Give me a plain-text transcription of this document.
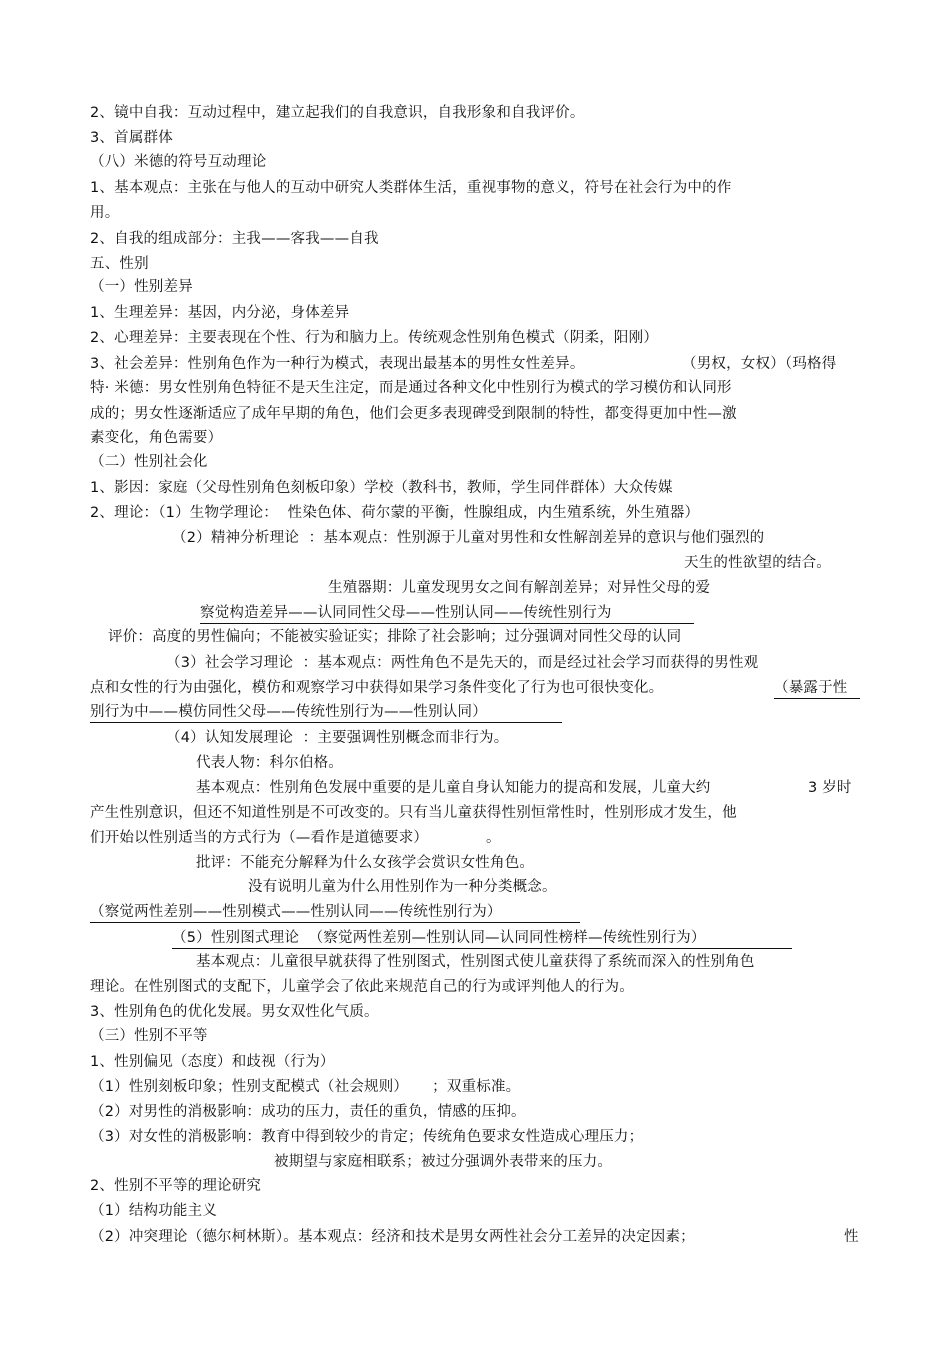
2、镜中自我：互动过程中，建立起我们的自我意识，自我形象和自我评价。
3、首属群体
（八）米德的符号互动理论
1、基本观点：主张在与他人的互动中研究人类群体生活，重视事物的意义，符号在社会行为中的作
用。
2、自我的组成部分：主我——客我——自我
五、性别
（一）性别差异
1、生理差异：基因，内分泌，身体差异
2、心理差异：主要表现在个性、行为和脑力上。传统观念性别角色模式（阴柔，阳刚）
3、社会差异：性别角色作为一种行为模式，表现出最基本的男性女性差异。	（男权，女权）（玛格得
特· 米德：男女性别角色特征不是天生注定，而是通过各种文化中性别行为模式的学习模仿和认同形
成的；男女性逐渐适应了成年早期的角色，他们会更多表现碑受到限制的特性，都变得更加中性—激
素变化，角色需要）
（二）性别社会化
1、影因：家庭（父母性别角色刻板印象）学校（教科书，教师，学生同伴群体）大众传媒
2、理论：（1）生物学理论：  性染色体、荷尔蒙的平衡，性腺组成，内生殖系统，外生殖器）
（2）精神分析理论  ：基本观点：性别源于儿童对男性和女性解剖差异的意识与他们强烈的
天生的性欲望的结合。
生殖器期：儿童发现男女之间有解剖差异；对异性父母的爱
察觉构造差异——认同同性父母——性别认同——传统性别行为
评价：高度的男性偏向；不能被实验证实；排除了社会影响；过分强调对同性父母的认同
（3）社会学习理论  ：基本观点：两性角色不是先天的，而是经过社会学习而获得的男性观
点和女性的行为由强化，模仿和观察学习中获得如果学习条件变化了行为也可很快变化。	（暴露于性
别行为中——模仿同性父母——传统性别行为——性别认同）
（4）认知发展理论  ：主要强调性别概念而非行为。
代表人物：科尔伯格。
基本观点：性别角色发展中重要的是儿童自身认知能力的提高和发展，儿童大约	3 岁时
产生性别意识，但还不知道性别是不可改变的。只有当儿童获得性别恒常性时，性别形成才发生，他
们开始以性别适当的方式行为（—看作是道德要求）	。
批评：不能充分解释为什么女孩学会赏识女性角色。
没有说明儿童为什么用性别作为一种分类概念。
（察觉两性差别——性别模式——性别认同——传统性别行为）
（5）性别图式理论  （察觉两性差别—性别认同—认同同性榜样—传统性别行为）
基本观点：儿童很早就获得了性别图式，性别图式使儿童获得了系统而深入的性别角色
理论。在性别图式的支配下，儿童学会了依此来规范自己的行为或评判他人的行为。
3、性别角色的优化发展。男女双性化气质。
（三）性别不平等
1、性别偏见（态度）和歧视（行为）
（1）性别刻板印象；性别支配模式（社会规则）     ；双重标准。
（2）对男性的消极影响：成功的压力，责任的重负，情感的压抑。
（3）对女性的消极影响：教育中得到较少的肯定；传统角色要求女性造成心理压力；
被期望与家庭相联系；被过分强调外表带来的压力。
2、性别不平等的理论研究
（1）结构功能主义
（2）冲突理论（德尔柯林斯）。基本观点：经济和技术是男女两性社会分工差异的决定因素；	性
